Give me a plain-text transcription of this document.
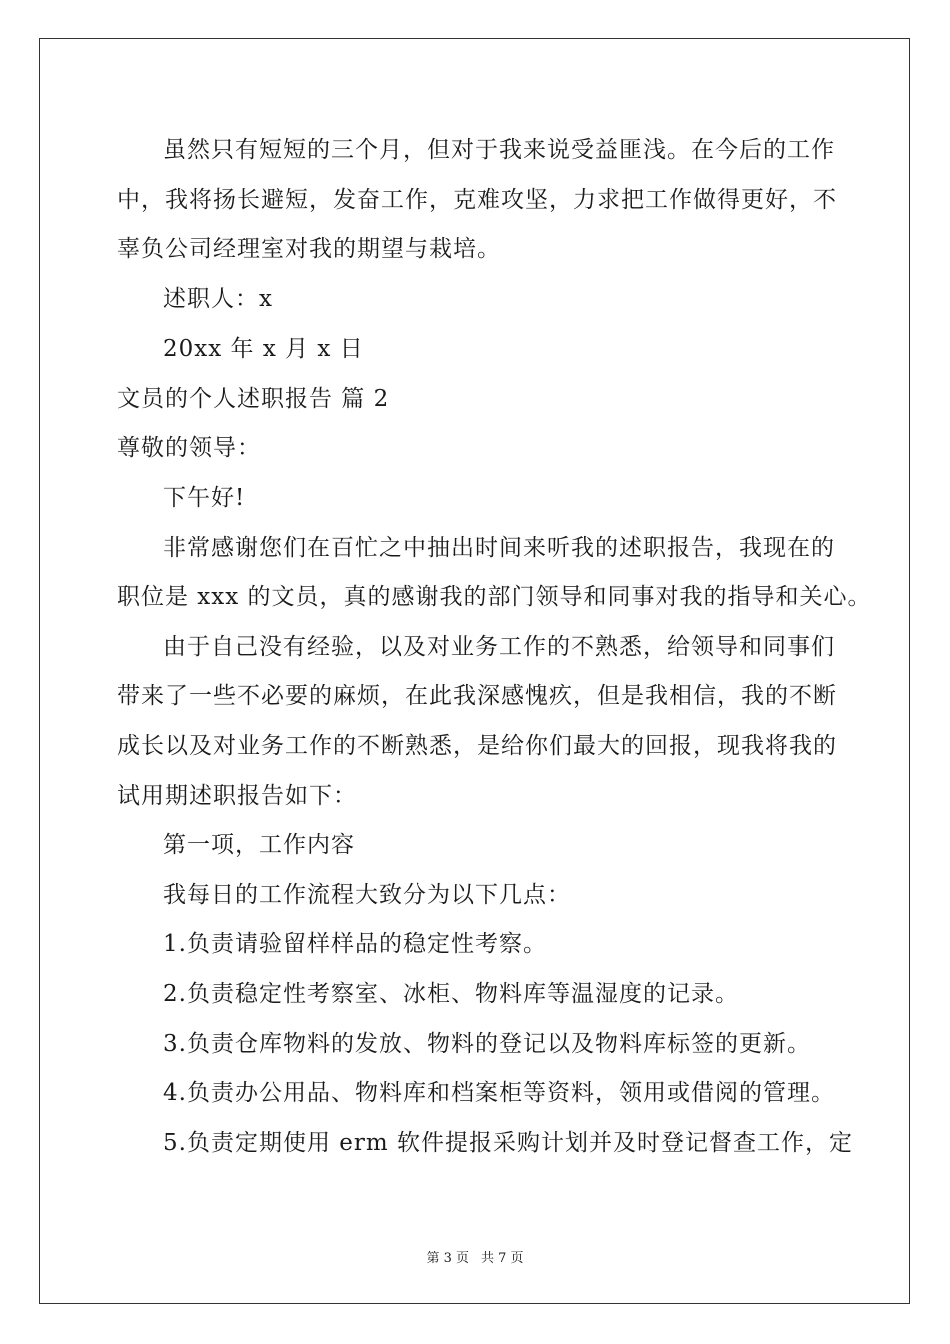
虽然只有短短的三个月，但对于我来说受益匪浅。在今后的工作
中，我将扬长避短，发奋工作，克难攻坚，力求把工作做得更好，不
辜负公司经理室对我的期望与栽培。
述职人：x
20xx 年 x 月 x 日
文员的个人述职报告 篇 2
尊敬的领导：
下午好!
非常感谢您们在百忙之中抽出时间来听我的述职报告，我现在的
职位是 xxx 的文员，真的感谢我的部门领导和同事对我的指导和关心。
由于自己没有经验，以及对业务工作的不熟悉，给领导和同事们
带来了一些不必要的麻烦，在此我深感愧疚，但是我相信，我的不断
成长以及对业务工作的不断熟悉，是给你们最大的回报，现我将我的
试用期述职报告如下：
第一项，工作内容
我每日的工作流程大致分为以下几点：
1.负责请验留样样品的稳定性考察。
2.负责稳定性考察室、冰柜、物料库等温湿度的记录。
3.负责仓库物料的发放、物料的登记以及物料库标签的更新。
4.负责办公用品、物料库和档案柜等资料，领用或借阅的管理。
5.负责定期使用 erm 软件提报采购计划并及时登记督查工作，定
第 3 页 共 7 页
